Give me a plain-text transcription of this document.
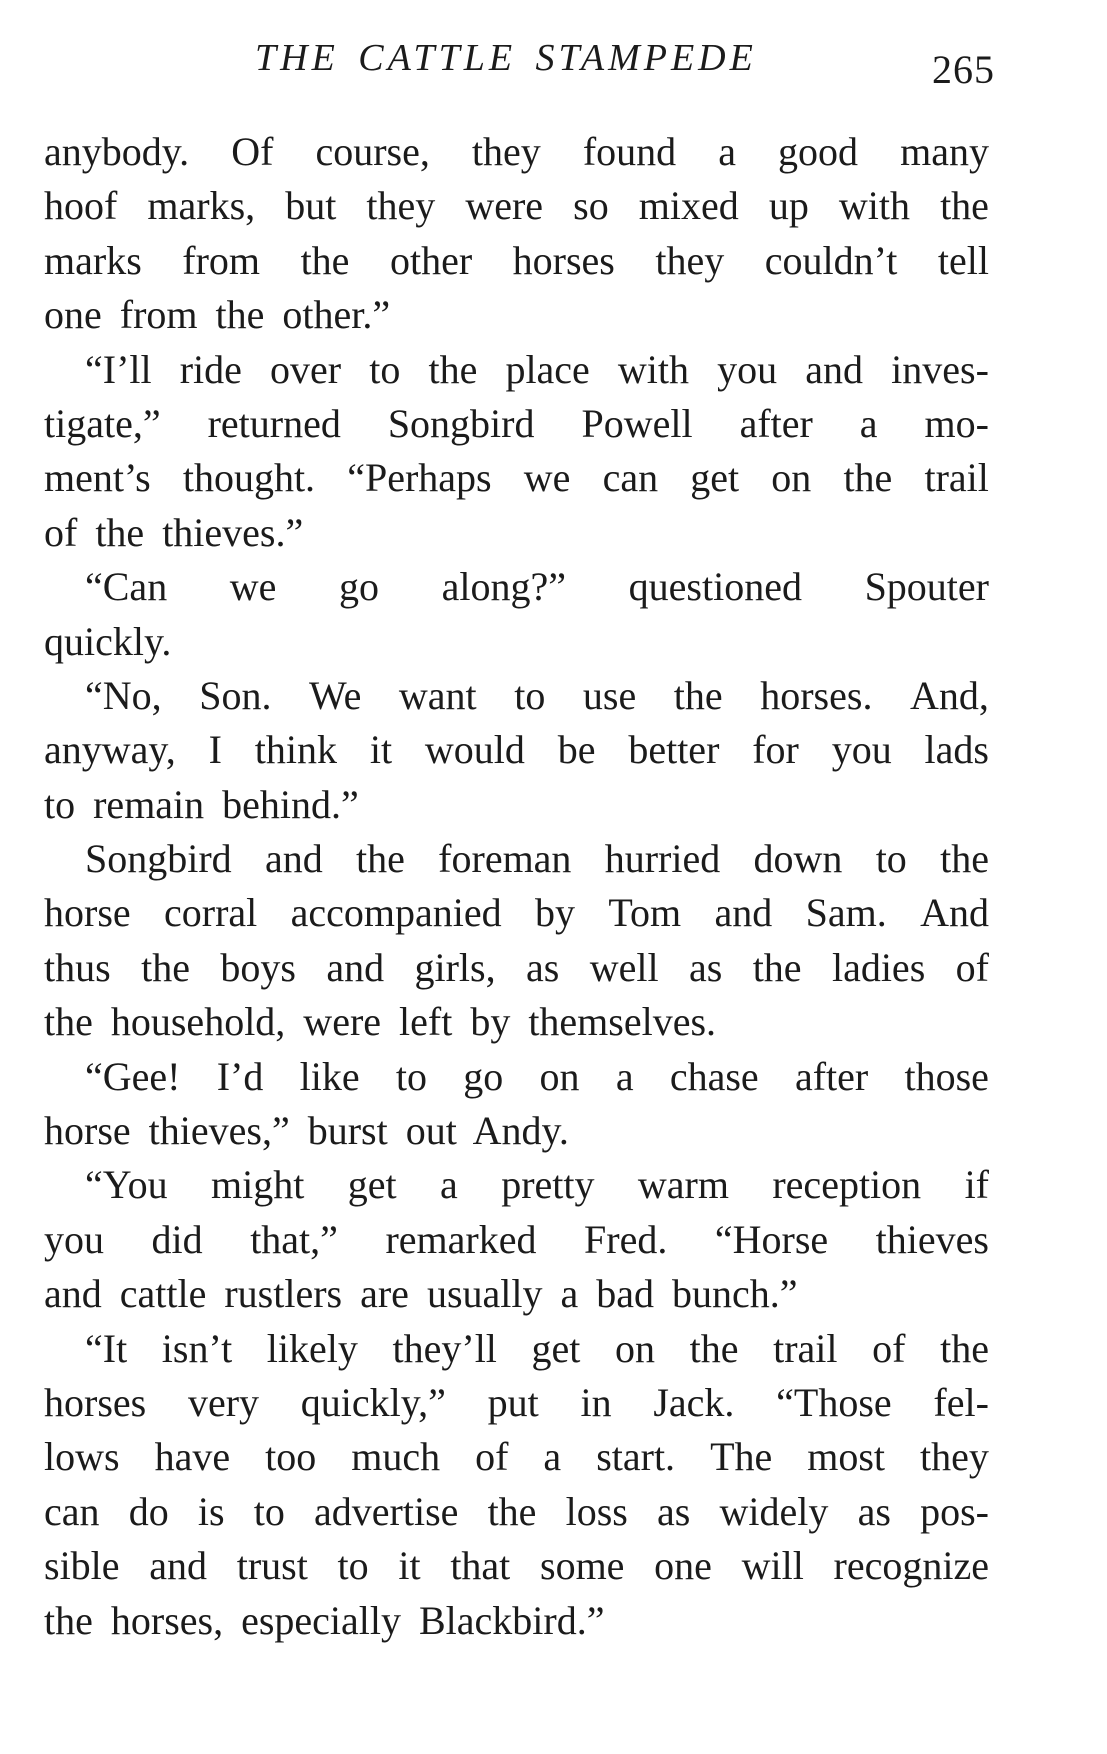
THE CATTLE STAMPEDE	265
anybody. Of course, they found a good many
hoof marks, but they were so mixed up with the
marks from the other horses they couldn’t tell
one from the other.”
“I’ll ride over to the place with you and inves-
tigate,” returned Songbird Powell after a mo-
ment’s thought. “Perhaps we can get on the trail
of the thieves.”
“Can we go along?” questioned Spouter
quickly.
“No, Son. We want to use the horses. And,
anyway, I think it would be better for you lads
to remain behind.”
Songbird and the foreman hurried down to the
horse corral accompanied by Tom and Sam. And
thus the boys and girls, as well as the ladies of
the household, were left by themselves.
“Gee! I’d like to go on a chase after those
horse thieves,” burst out Andy.
“You might get a pretty warm reception if
you did that,” remarked Fred. “Horse thieves
and cattle rustlers are usually a bad bunch.”
“It isn’t likely they’ll get on the trail of the
horses very quickly,” put in Jack. “Those fel-
lows have too much of a start. The most they
can do is to advertise the loss as widely as pos-
sible and trust to it that some one will recognize
the horses, especially Blackbird.”
